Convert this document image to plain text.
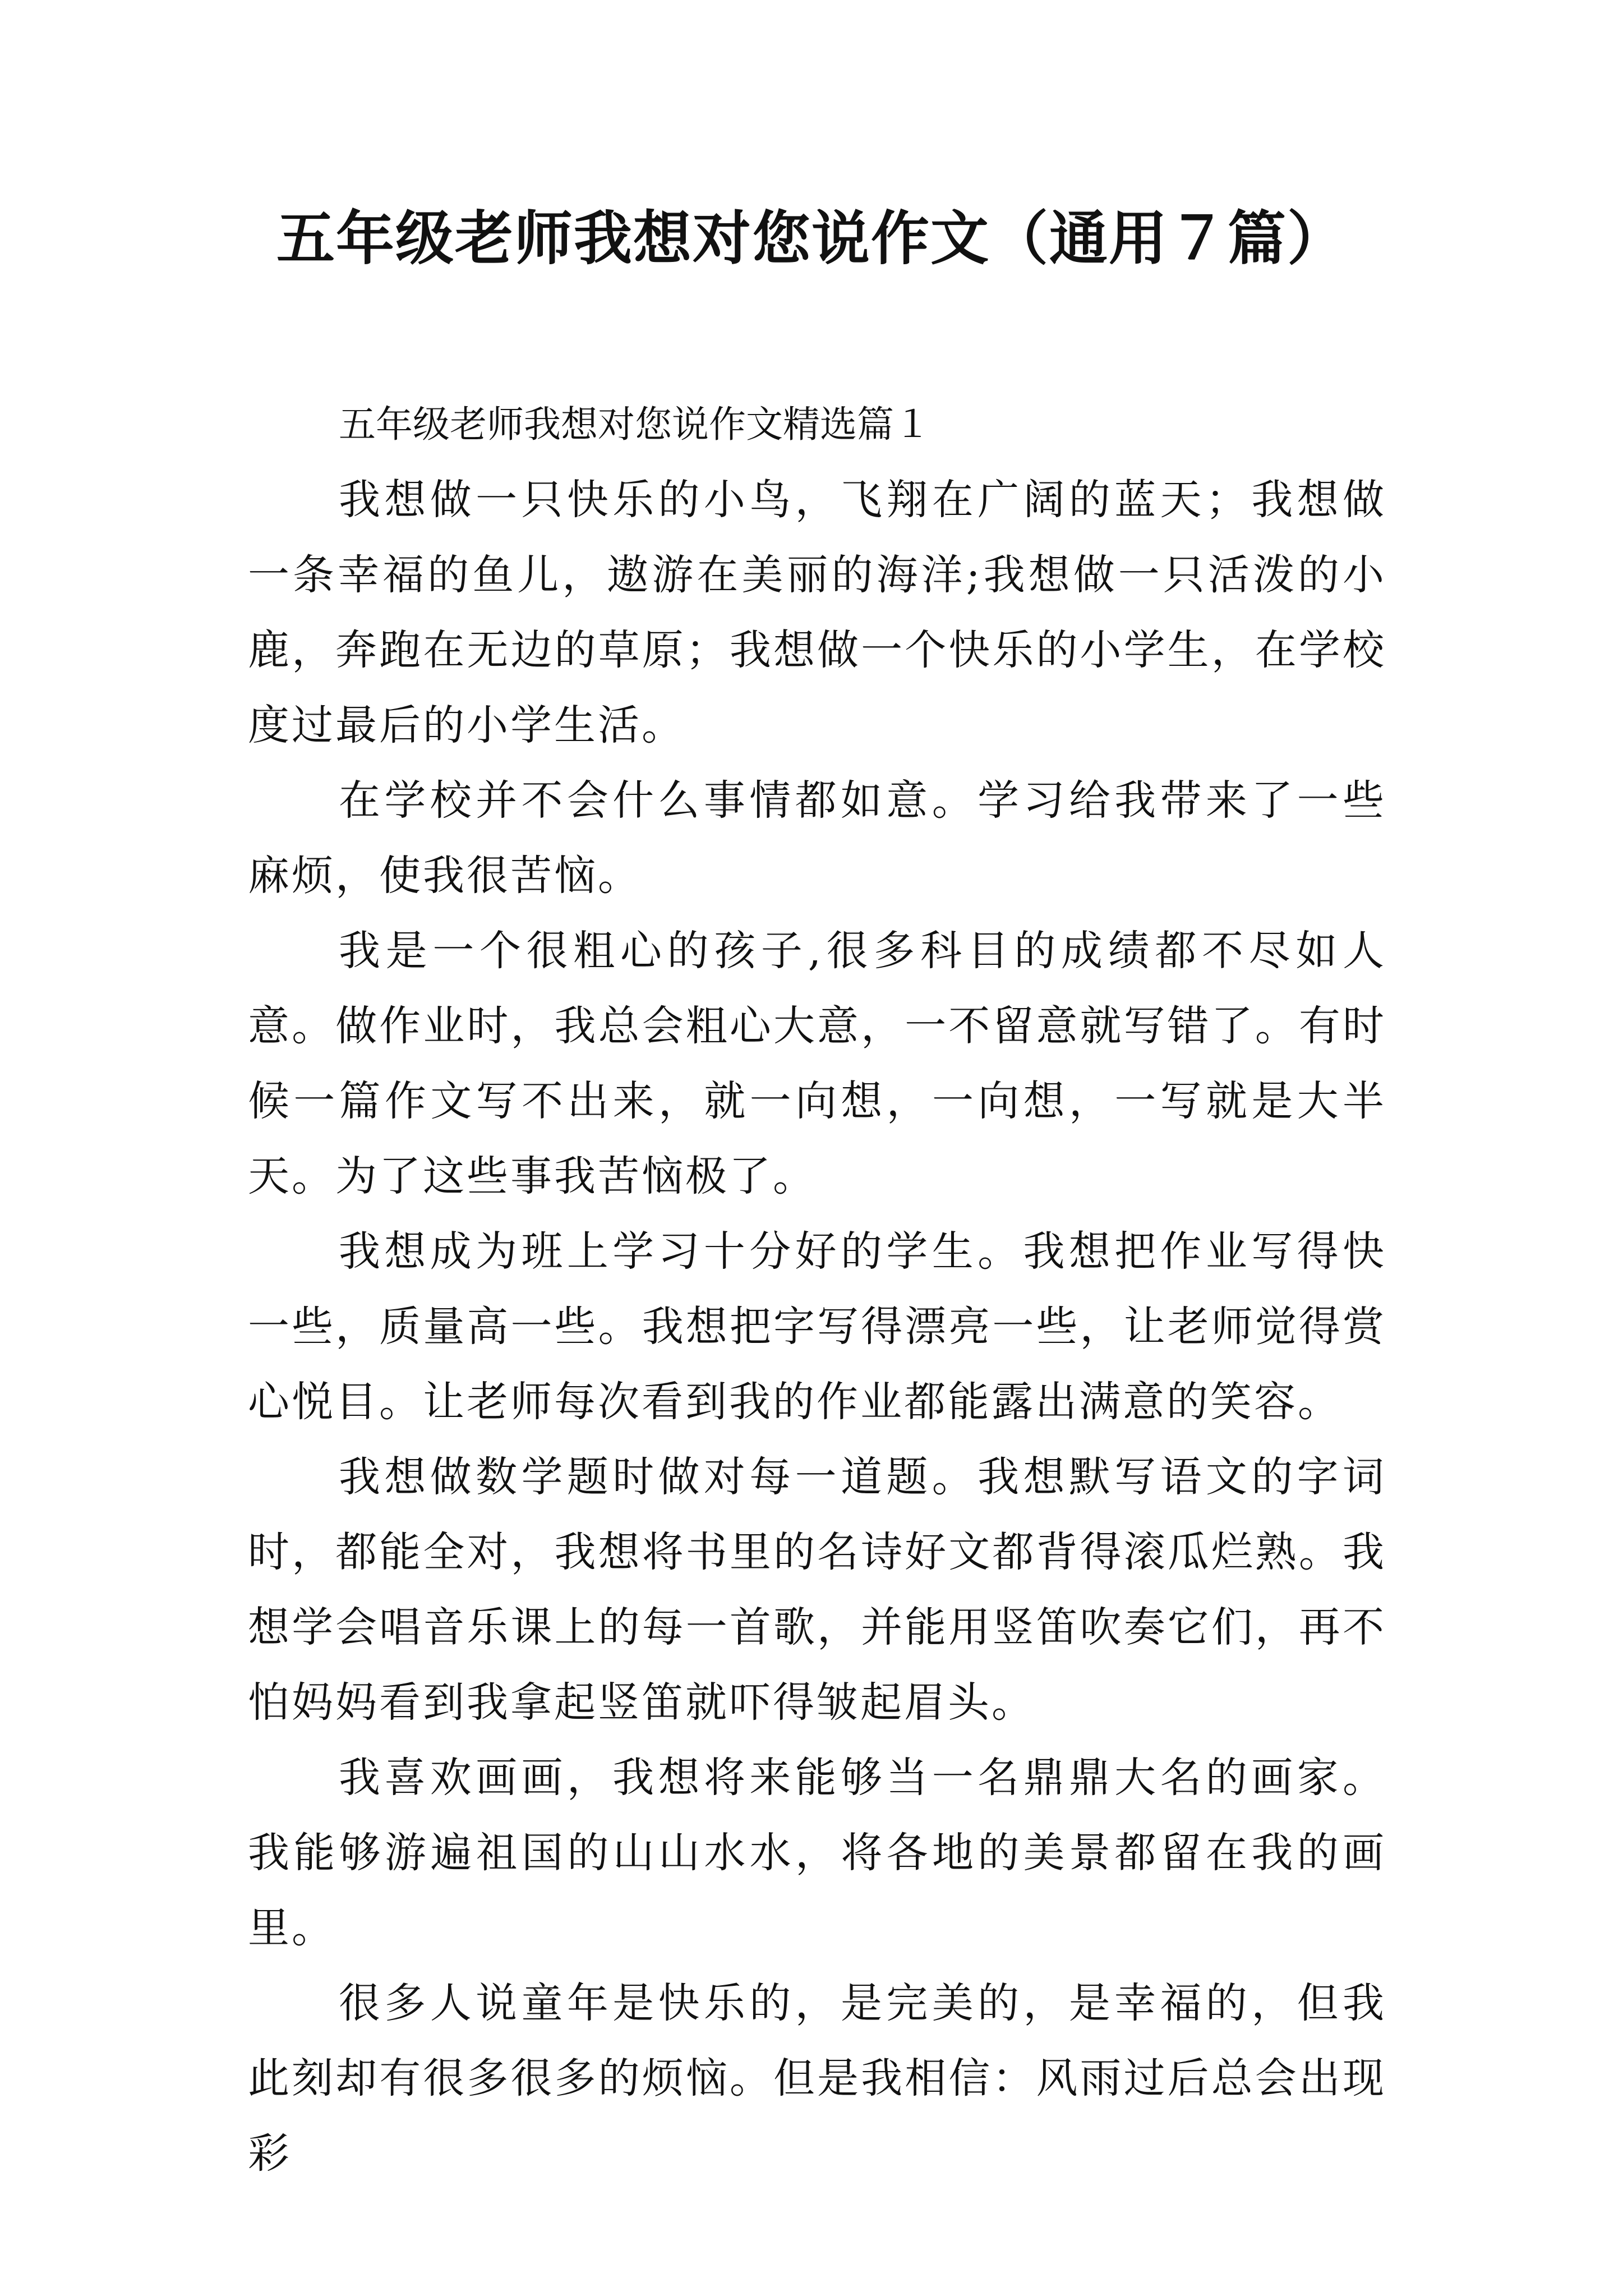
五年级老师我想对您说作文（通用７篇）

五年级老师我想对您说作文精选篇１

我想做一只快乐的小鸟，飞翔在广阔的蓝天；我想做一条幸福的鱼儿，遨游在美丽的海洋;我想做一只活泼的小鹿，奔跑在无边的草原；我想做一个快乐的小学生，在学校度过最后的小学生活。

在学校并不会什么事情都如意。学习给我带来了一些麻烦，使我很苦恼。

我是一个很粗心的孩子,很多科目的成绩都不尽如人意。做作业时，我总会粗心大意，一不留意就写错了。有时候一篇作文写不出来，就一向想，一向想，一写就是大半天。为了这些事我苦恼极了。

我想成为班上学习十分好的学生。我想把作业写得快一些，质量高一些。我想把字写得漂亮一些，让老师觉得赏心悦目。让老师每次看到我的作业都能露出满意的笑容。

我想做数学题时做对每一道题。我想默写语文的字词时，都能全对，我想将书里的名诗好文都背得滚瓜烂熟。我想学会唱音乐课上的每一首歌，并能用竖笛吹奏它们，再不怕妈妈看到我拿起竖笛就吓得皱起眉头。

我喜欢画画，我想将来能够当一名鼎鼎大名的画家。我能够游遍祖国的山山水水，将各地的美景都留在我的画里。

很多人说童年是快乐的，是完美的，是幸福的，但我此刻却有很多很多的烦恼。但是我相信：风雨过后总会出现彩
